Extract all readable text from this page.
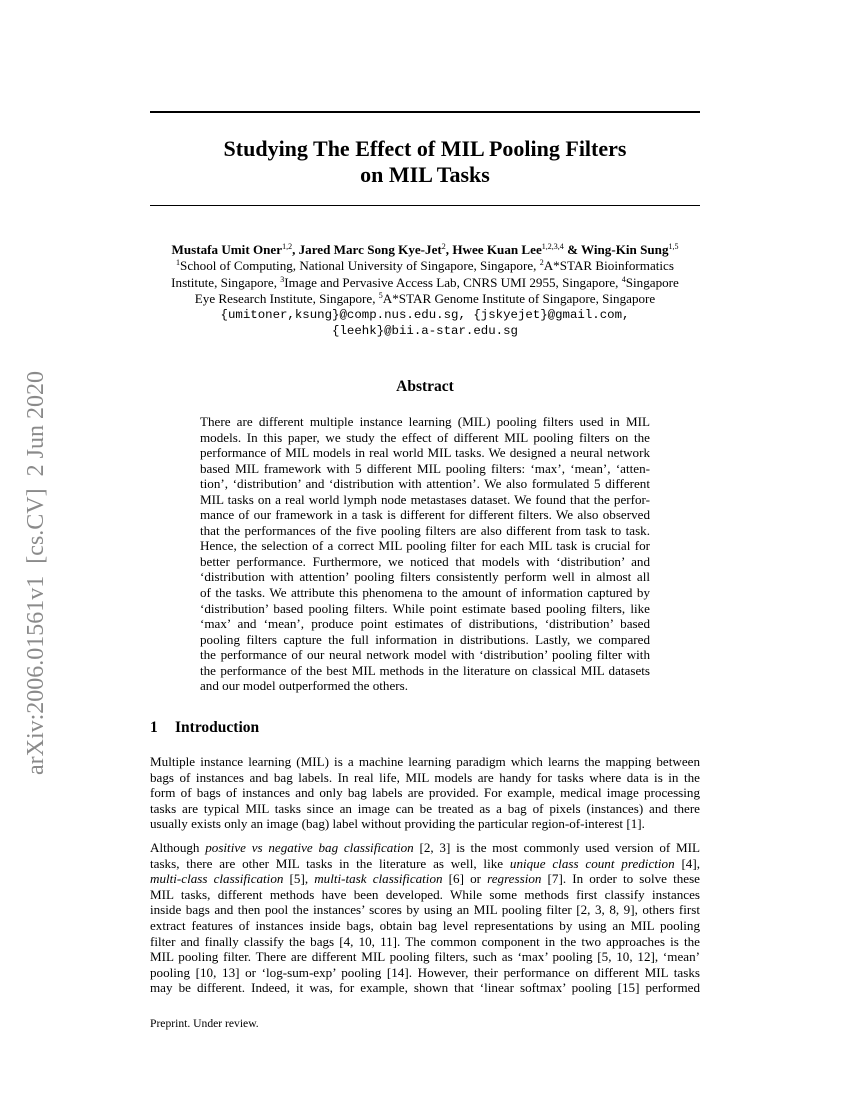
Studying The Effect of MIL Pooling Filters
on MIL Tasks
arXiv:2006.01561v1  [cs.CV]  2 Jun 2020
Mustafa Umit Oner$^{1,2}$, Jared Marc Song Kye-Jet$^2$, Hwee Kuan Lee$^{1,2,3,4}$ & Wing-Kin Sung$^{1,5}$
$^1$School of Computing, National University of Singapore, Singapore, $^2$A*STAR Bioinformatics
Institute, Singapore, $^3$Image and Pervasive Access Lab, CNRS UMI 2955, Singapore, $^4$Singapore
Eye Research Institute, Singapore, $^5$A*STAR Genome Institute of Singapore, Singapore
{umitoner,ksung}@comp.nus.edu.sg, {jskyejet}@gmail.com,
{leehk}@bii.a-star.edu.sg
Abstract

There are different multiple instance learning (MIL) pooling filters used in MIL
models. In this paper, we study the effect of different MIL pooling filters on the
performance of MIL models in real world MIL tasks. We designed a neural network
based MIL framework with 5 different MIL pooling filters: ‘max’, ‘mean’, ‘atten-
tion’, ‘distribution’ and ‘distribution with attention’. We also formulated 5 different
MIL tasks on a real world lymph node metastases dataset. We found that the perfor-
mance of our framework in a task is different for different filters. We also observed
that the performances of the five pooling filters are also different from task to task.
Hence, the selection of a correct MIL pooling filter for each MIL task is crucial for
better performance. Furthermore, we noticed that models with ‘distribution’ and
‘distribution with attention’ pooling filters consistently perform well in almost all
of the tasks. We attribute this phenomena to the amount of information captured by
‘distribution’ based pooling filters. While point estimate based pooling filters, like
‘max’ and ‘mean’, produce point estimates of distributions, ‘distribution’ based
pooling filters capture the full information in distributions. Lastly, we compared
the performance of our neural network model with ‘distribution’ pooling filter with
the performance of the best MIL methods in the literature on classical MIL datasets
and our model outperformed the others.

1 Introduction

Multiple instance learning (MIL) is a machine learning paradigm which learns the mapping between
bags of instances and bag labels. In real life, MIL models are handy for tasks where data is in the
form of bags of instances and only bag labels are provided. For example, medical image processing
tasks are typical MIL tasks since an image can be treated as a bag of pixels (instances) and there
usually exists only an image (bag) label without providing the particular region-of-interest [1].

Although positive vs negative bag classification [2, 3] is the most commonly used version of MIL
tasks, there are other MIL tasks in the literature as well, like unique class count prediction [4],
multi-class classification [5], multi-task classification [6] or regression [7]. In order to solve these
MIL tasks, different methods have been developed. While some methods first classify instances
inside bags and then pool the instances’ scores by using an MIL pooling filter [2, 3, 8, 9], others first
extract features of instances inside bags, obtain bag level representations by using an MIL pooling
filter and finally classify the bags [4, 10, 11]. The common component in the two approaches is the
MIL pooling filter. There are different MIL pooling filters, such as ‘max’ pooling [5, 10, 12], ‘mean’
pooling [10, 13] or ‘log-sum-exp’ pooling [14]. However, their performance on different MIL tasks
may be different. Indeed, it was, for example, shown that ‘linear softmax’ pooling [15] performed

Preprint. Under review.
